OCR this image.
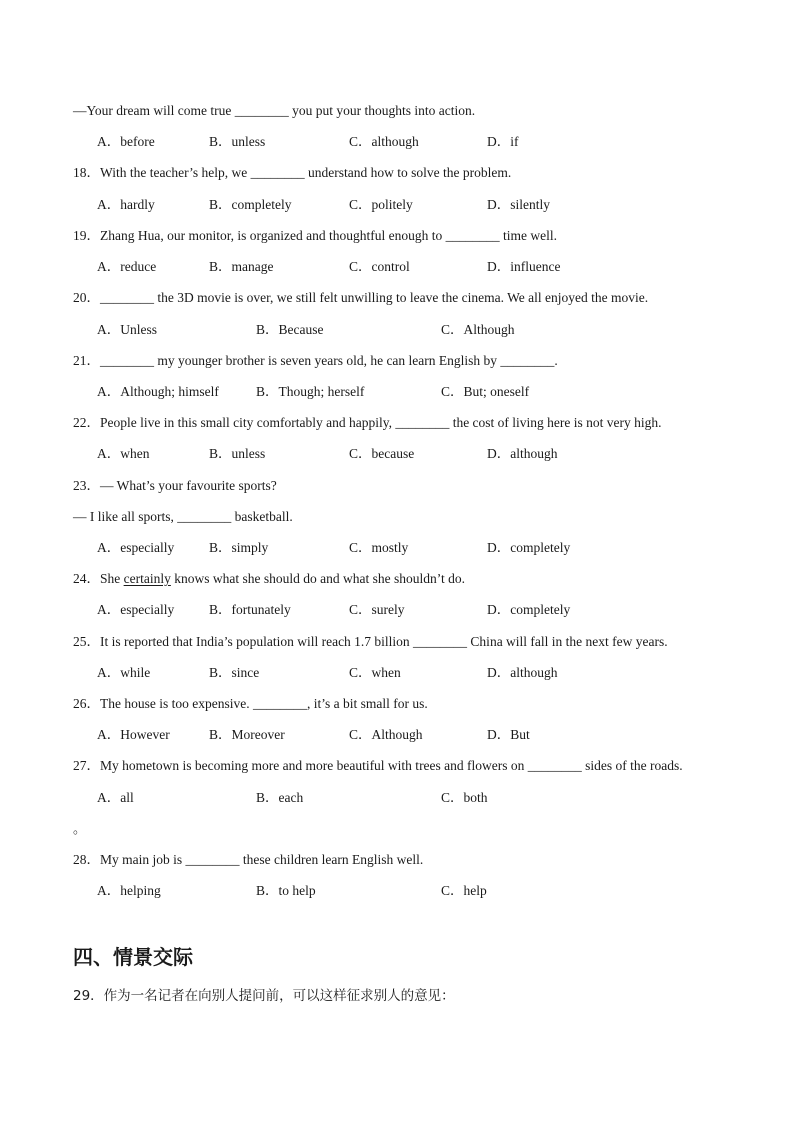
—Your dream will come true ________ you put your thoughts into action.
A．before	B．unless	C．although	D．if
18．With the teacher’s help, we ________ understand how to solve the problem.
A．hardly	B．completely	C．politely	D．silently
19．Zhang Hua, our monitor, is organized and thoughtful enough to ________ time well.
A．reduce	B．manage	C．control	D．influence
20．________ the 3D movie is over, we still felt unwilling to leave the cinema. We all enjoyed the movie.
A．Unless	B．Because	C．Although
21．________ my younger brother is seven years old, he can learn English by ________.
A．Although; himself	B．Though; herself	C．But; oneself
22．People live in this small city comfortably and happily, ________ the cost of living here is not very high.
A．when	B．unless	C．because	D．although
23．— What’s your favourite sports?
— I like all sports, ________ basketball.
A．especially	B．simply	C．mostly	D．completely
24．She certainly knows what she should do and what she shouldn’t do.
A．especially	B．fortunately	C．surely	D．completely
25．It is reported that India’s population will reach 1.7 billion ________ China will fall in the next few years.
A．while	B．since	C．when	D．although
26．The house is too expensive. ________, it’s a bit small for us.
A．However	B．Moreover	C．Although	D．But
27．My hometown is becoming more and more beautiful with trees and flowers on ________ sides of the roads.
A．all	B．each	C．both
。
28．My main job is ________ these children learn English well.
A．helping	B．to help	C．help
四、情景交际
29．作为一名记者在向别人提问前，可以这样征求别人的意见：
